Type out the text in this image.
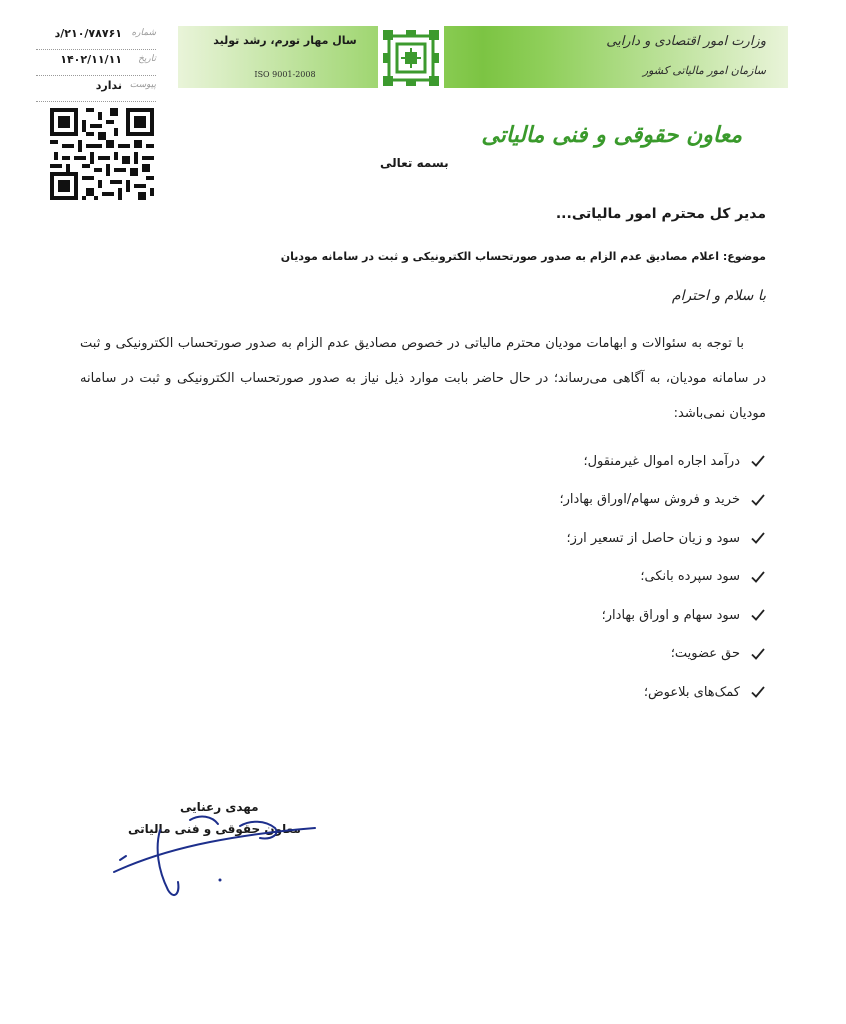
وزارت امور اقتصادی و دارایی
سازمان امور مالیاتی کشور
سال مهار تورم، رشد تولید
ISO 9001-2008
شماره
۲۱۰/۷۸۷۶۱/د
تاریخ
۱۴۰۲/۱۱/۱۱
پیوست
ندارد
معاون حقوقی و فنی مالیاتی
بسمه تعالی
مدیر کل محترم امور مالیاتی...
موضوع: اعلام مصادیق عدم الزام به صدور صورتحساب الکترونیکی و ثبت در سامانه مودیان
با سلام و احترام

با توجه به سئوالات و ابهامات مودیان محترم مالیاتی در خصوص مصادیق عدم الزام به صدور صورتحساب الکترونیکی و ثبت در سامانه مودیان، به آگاهی می‌رساند؛ در حال حاضر بابت موارد ذیل نیاز به صدور صورتحساب الکترونیکی و ثبت در سامانه مودیان نمی‌باشد:

درآمد اجاره اموال غیرمنقول؛
خرید و فروش سهام/اوراق بهادار؛
سود و زیان حاصل از تسعیر ارز؛
سود سپرده بانکی؛
سود سهام و اوراق بهادار؛
حق عضویت؛
کمک‌های بلاعوض؛
مهدی رعنایی
معاون حقوقی و فنی مالیاتی
